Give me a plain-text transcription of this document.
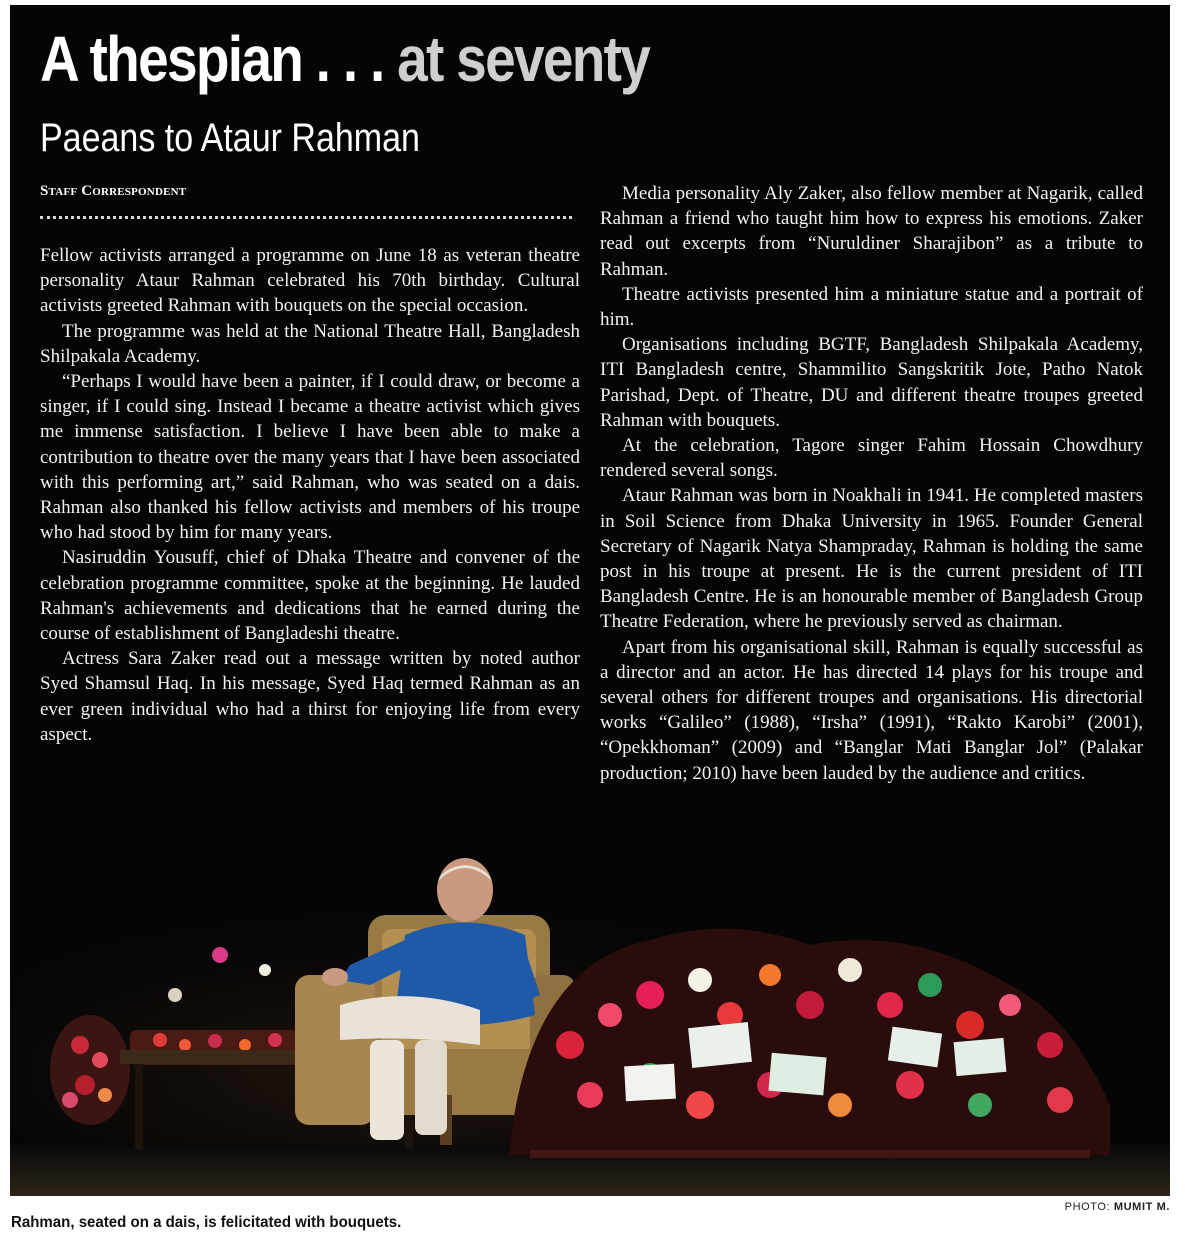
A thespian . . . at seventy
Paeans to Ataur Rahman
Staff Correspondent

Fellow activists arranged a programme on June 18 as veteran theatre personality Ataur Rahman celebrated his 70th birthday. Cultural activists greeted Rahman with bouquets on the special occasion.

The programme was held at the National Theatre Hall, Bangladesh Shilpakala Academy.

“Perhaps I would have been a painter, if I could draw, or become a singer, if I could sing. Instead I became a theatre activist which gives me immense satisfaction. I believe I have been able to make a contribution to theatre over the many years that I have been associated with this performing art,” said Rahman, who was seated on a dais. Rahman also thanked his fellow activists and members of his troupe who had stood by him for many years.

Nasiruddin Yousuff, chief of Dhaka Theatre and convener of the celebration programme committee, spoke at the beginning. He lauded Rahman's achievements and dedications that he earned during the course of establishment of Bangladeshi theatre.

Actress Sara Zaker read out a message written by noted author Syed Shamsul Haq. In his message, Syed Haq termed Rahman as an ever green individual who had a thirst for enjoying life from every aspect.

Media personality Aly Zaker, also fellow member at Nagarik, called Rahman a friend who taught him how to express his emotions. Zaker read out excerpts from “Nuruldiner Sharajibon” as a tribute to Rahman.

Theatre activists presented him a miniature statue and a portrait of him.

Organisations including BGTF, Bangladesh Shilpakala Academy, ITI Bangladesh centre, Shammilito Sangskritik Jote, Patho Natok Parishad, Dept. of Theatre, DU and different theatre troupes greeted Rahman with bouquets.

At the celebration, Tagore singer Fahim Hossain Chowdhury rendered several songs.

Ataur Rahman was born in Noakhali in 1941. He completed masters in Soil Science from Dhaka University in 1965. Founder General Secretary of Nagarik Natya Shampraday, Rahman is holding the same post in his troupe at present. He is the current president of ITI Bangladesh Centre. He is an honourable member of Bangladesh Group Theatre Federation, where he previously served as chairman.

Apart from his organisational skill, Rahman is equally successful as a director and an actor. He has directed 14 plays for his troupe and several others for different troupes and organisations. His directorial works “Galileo” (1988), “Irsha” (1991), “Rakto Karobi” (2001), “Opekkhoman” (2009) and “Banglar Mati Banglar Jol” (Palakar production; 2010) have been lauded by the audience and critics.

PHOTO: MUMIT M.
Rahman, seated on a dais, is felicitated with bouquets.
